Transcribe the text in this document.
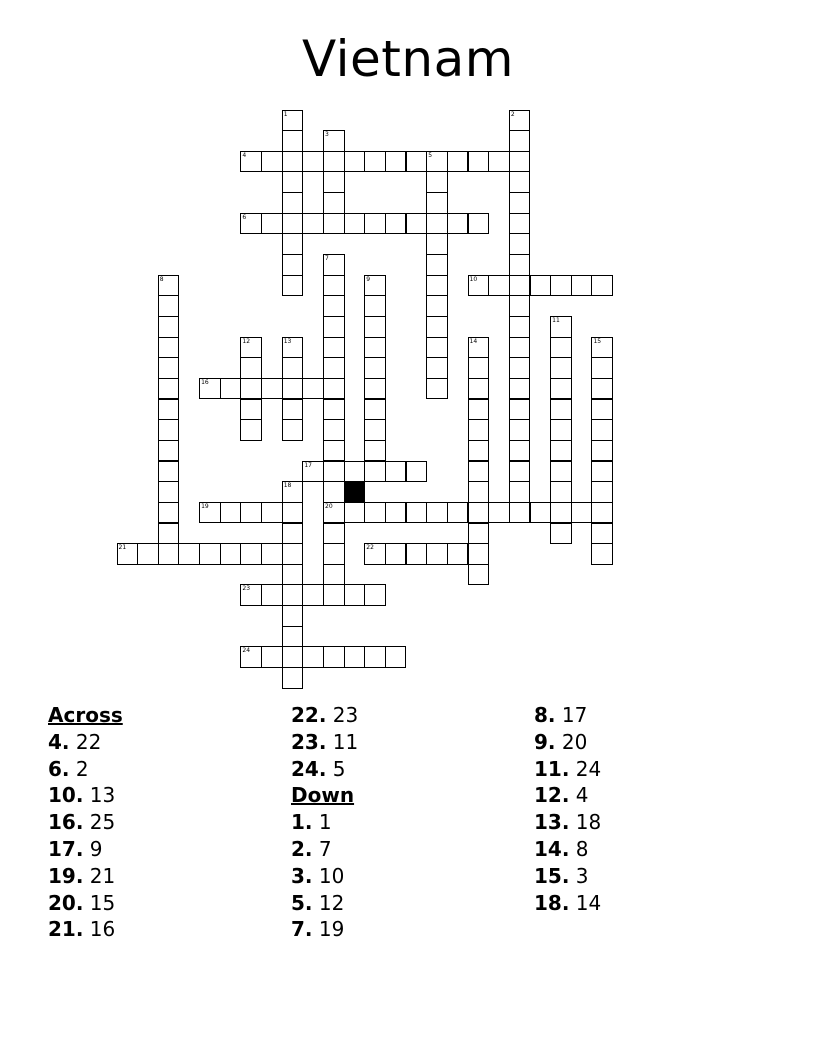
Vietnam
1	2
3
4	5
6
7
20
8	9	10
11
12	13	14	15
16
17
18
19
21	22
23
24
Across
4. 22
6. 2
10. 13
16. 25
17. 9
19. 21
20. 15
21. 16
22. 23
23. 11
24. 5
Down
1. 1
2. 7
3. 10
5. 12
7. 19
8. 17
9. 20
11. 24
12. 4
13. 18
14. 8
15. 3
18. 14
